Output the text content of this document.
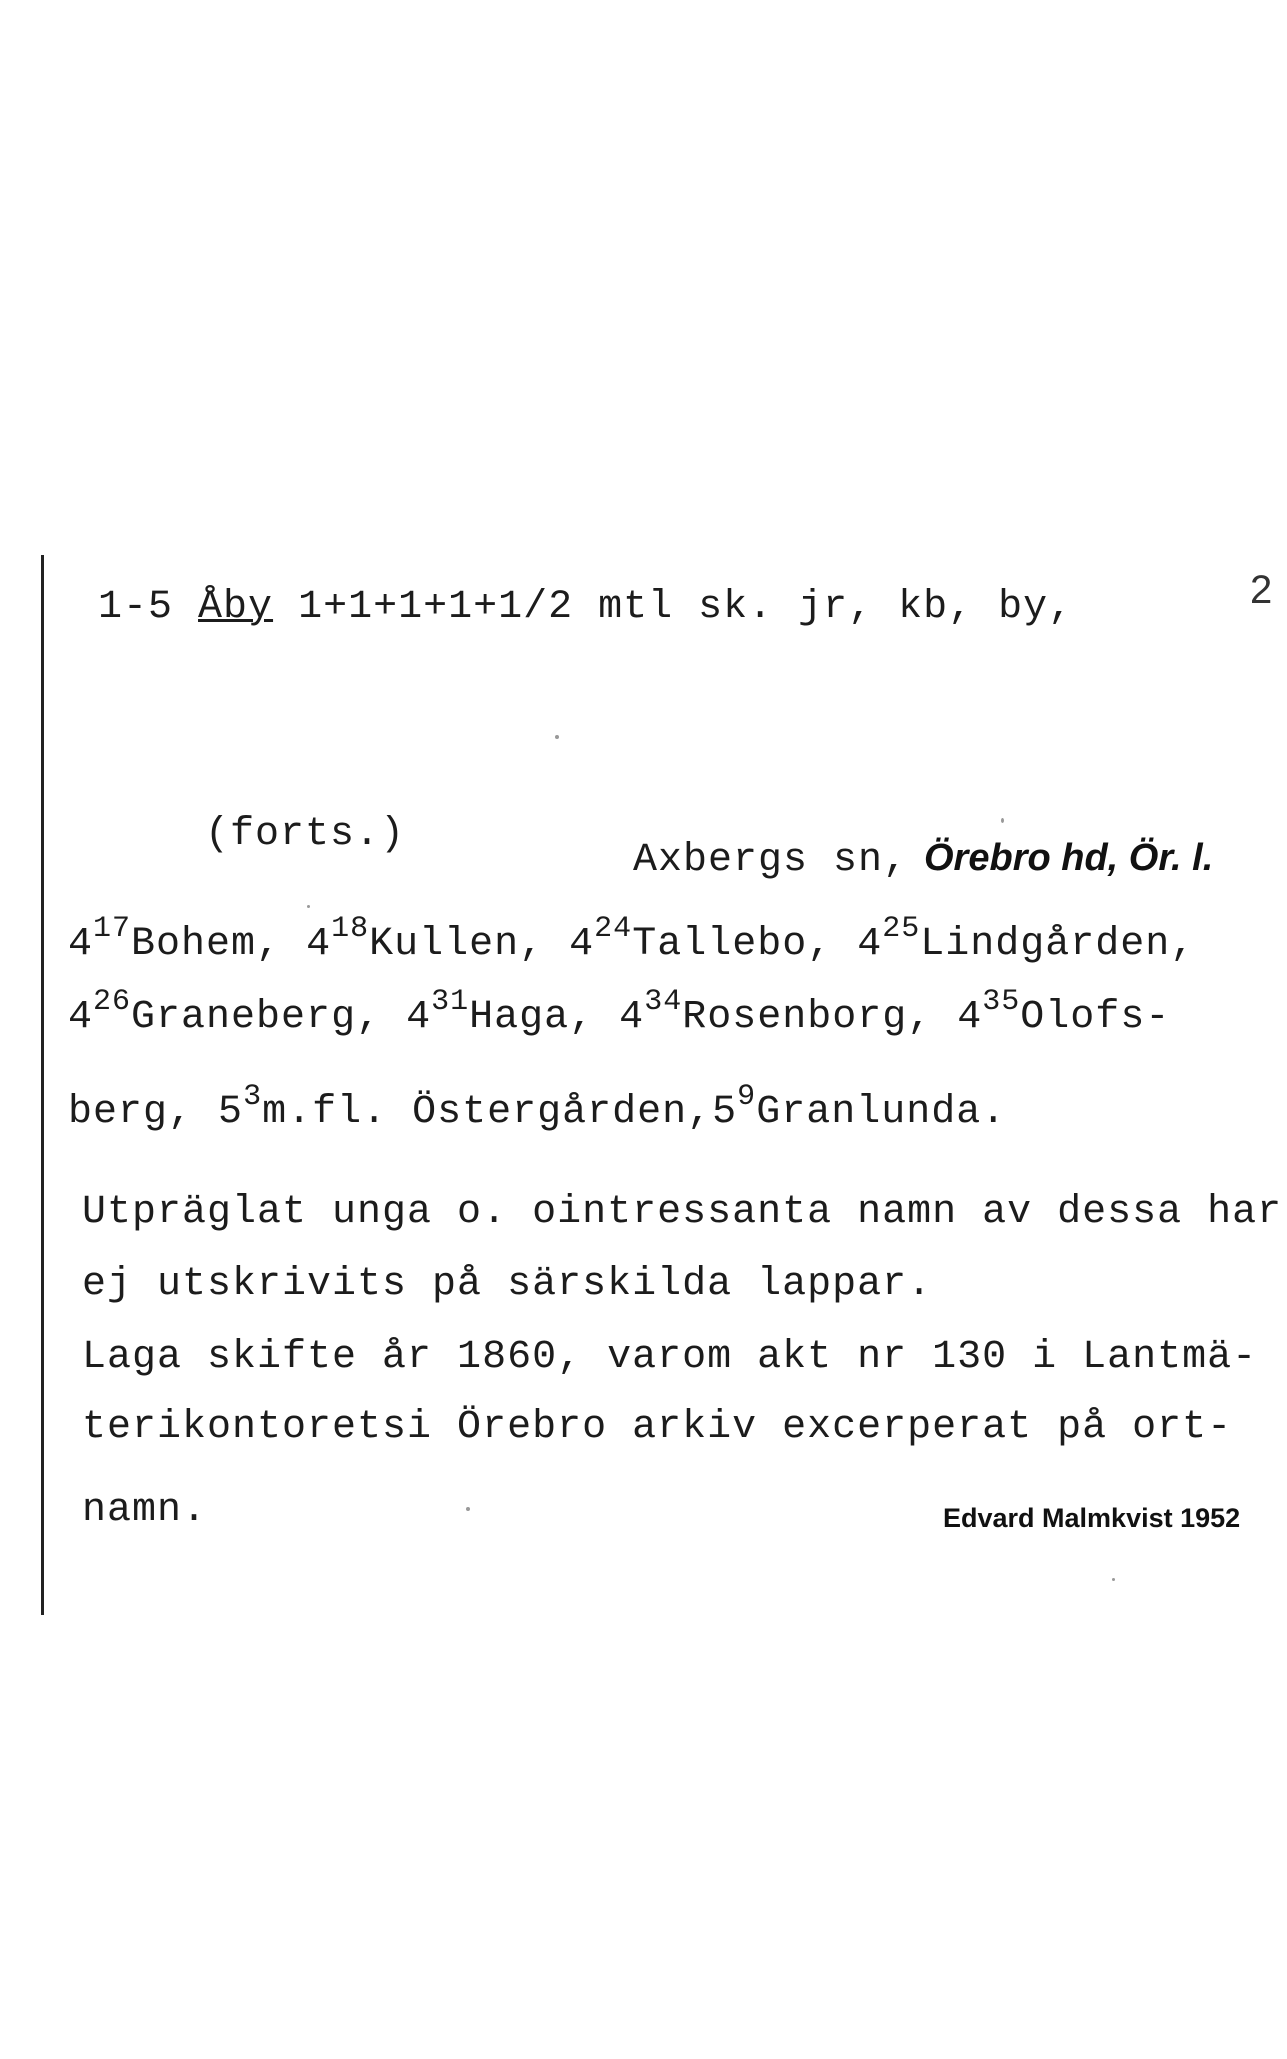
2
1-5 Åby 1+1+1+1+1/2 mtl sk. jr, kb, by,
(forts.)
Axbergs sn, Örebro hd, Ör. l.
$4^{17}Bohem$, $4^{18}Kullen$, $4^{24}Tallebo$, $4^{25}Lindgården$,
$4^{26}Graneberg$, $4^{31}Haga$, $4^{34}Rosenborg$, $4^{35}Olofs-$
berg, $5^3m.fl$. $Östergården,5^9Granlunda$.
Utpräglat unga o. ointressanta namn av dessa har
ej utskrivits på särskilda lappar.
Laga skifte år 1860, varom akt nr 130 i Lantmä-
terikontoretsi Örebro arkiv excerperat på ort-
namn.	Edvard Malmkvist 1952
